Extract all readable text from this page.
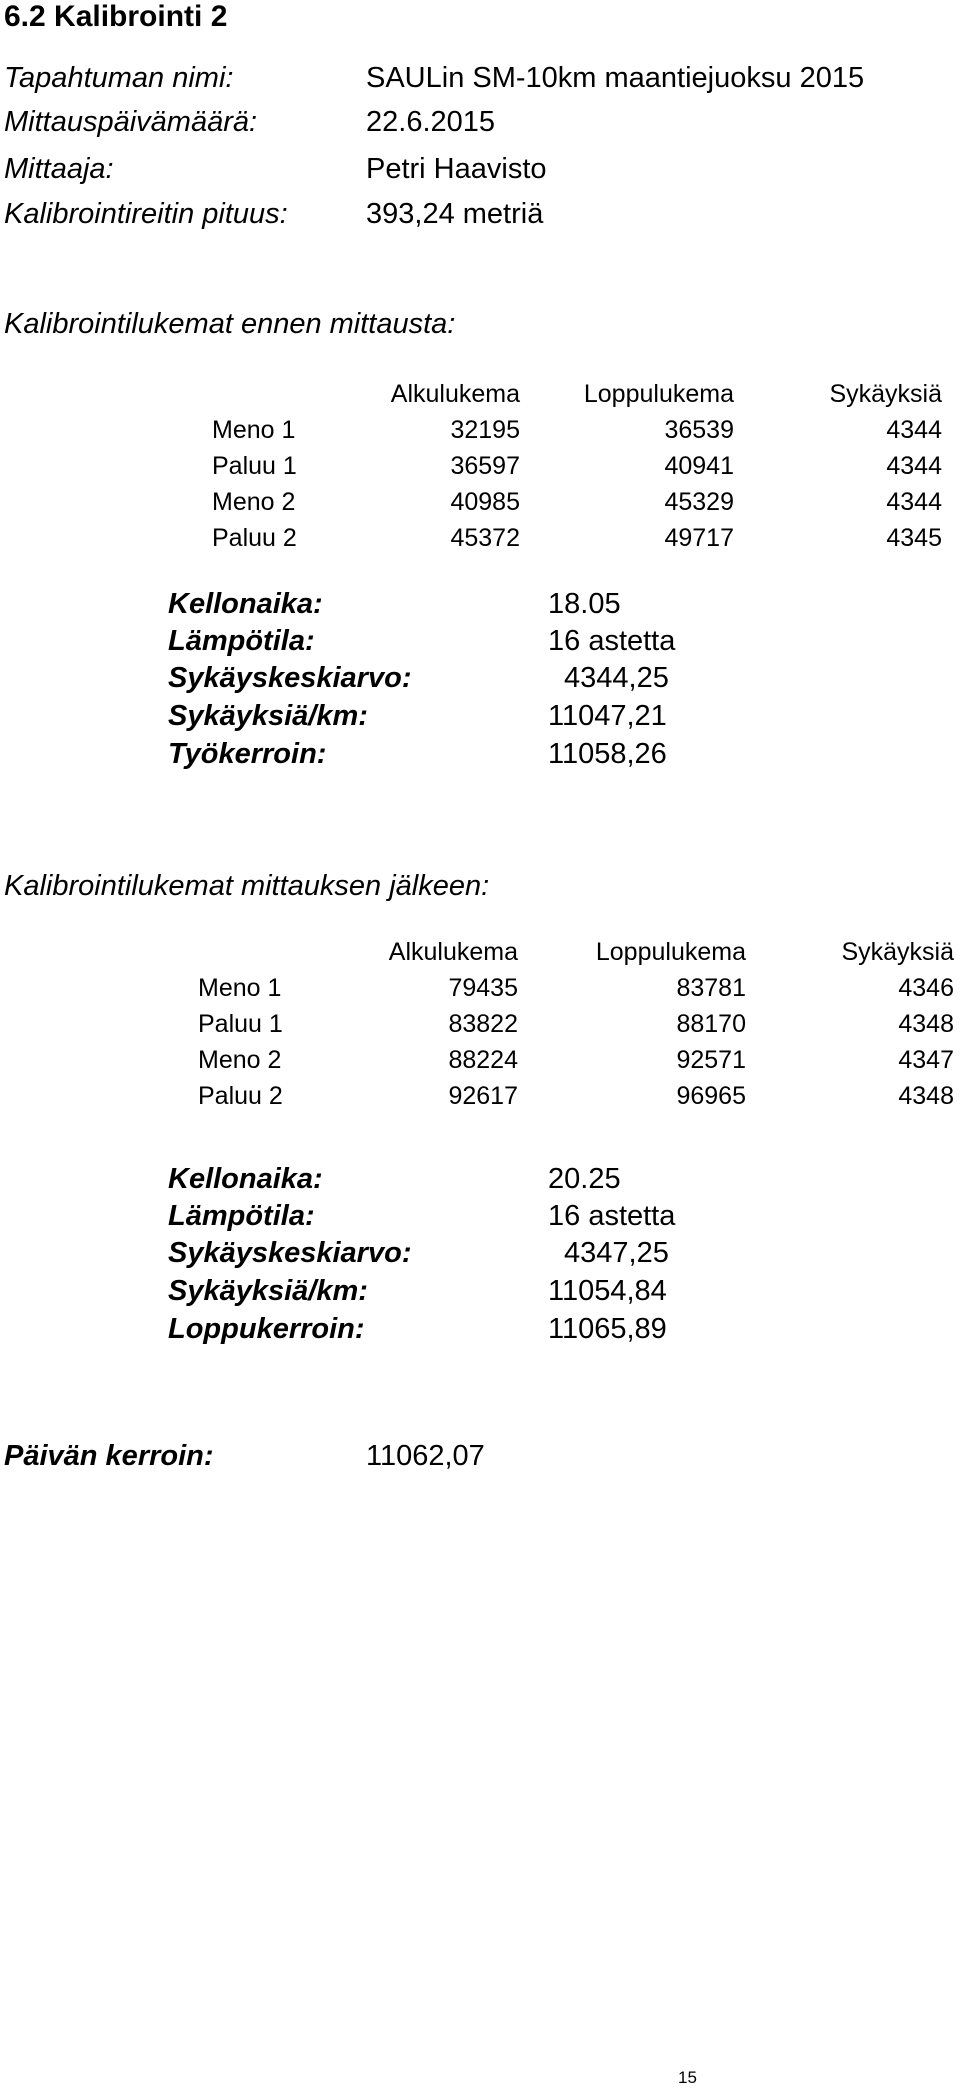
6.2 Kalibrointi 2
Tapahtuman nimi:	SAULin SM-10km maantiejuoksu 2015
Mittauspäivämäärä:	22.6.2015
Mittaaja:	Petri Haavisto
Kalibrointireitin pituus:	393,24 metriä
Kalibrointilukemat ennen mittausta:
	Alkulukema	Loppulukema	Sykäyksiä
Meno 1	32195	36539	4344
Paluu 1	36597	40941	4344
Meno 2	40985	45329	4344
Paluu 2	45372	49717	4345
Kellonaika:	18.05
Lämpötila:	16 astetta
Sykäyskeskiarvo:	4344,25
Sykäyksiä/km:	11047,21
Työkerroin:	11058,26
Kalibrointilukemat mittauksen jälkeen:
	Alkulukema	Loppulukema	Sykäyksiä
Meno 1	79435	83781	4346
Paluu 1	83822	88170	4348
Meno 2	88224	92571	4347
Paluu 2	92617	96965	4348
Kellonaika:	20.25
Lämpötila:	16 astetta
Sykäyskeskiarvo:	4347,25
Sykäyksiä/km:	11054,84
Loppukerroin:	11065,89
Päivän kerroin:	11062,07
15
